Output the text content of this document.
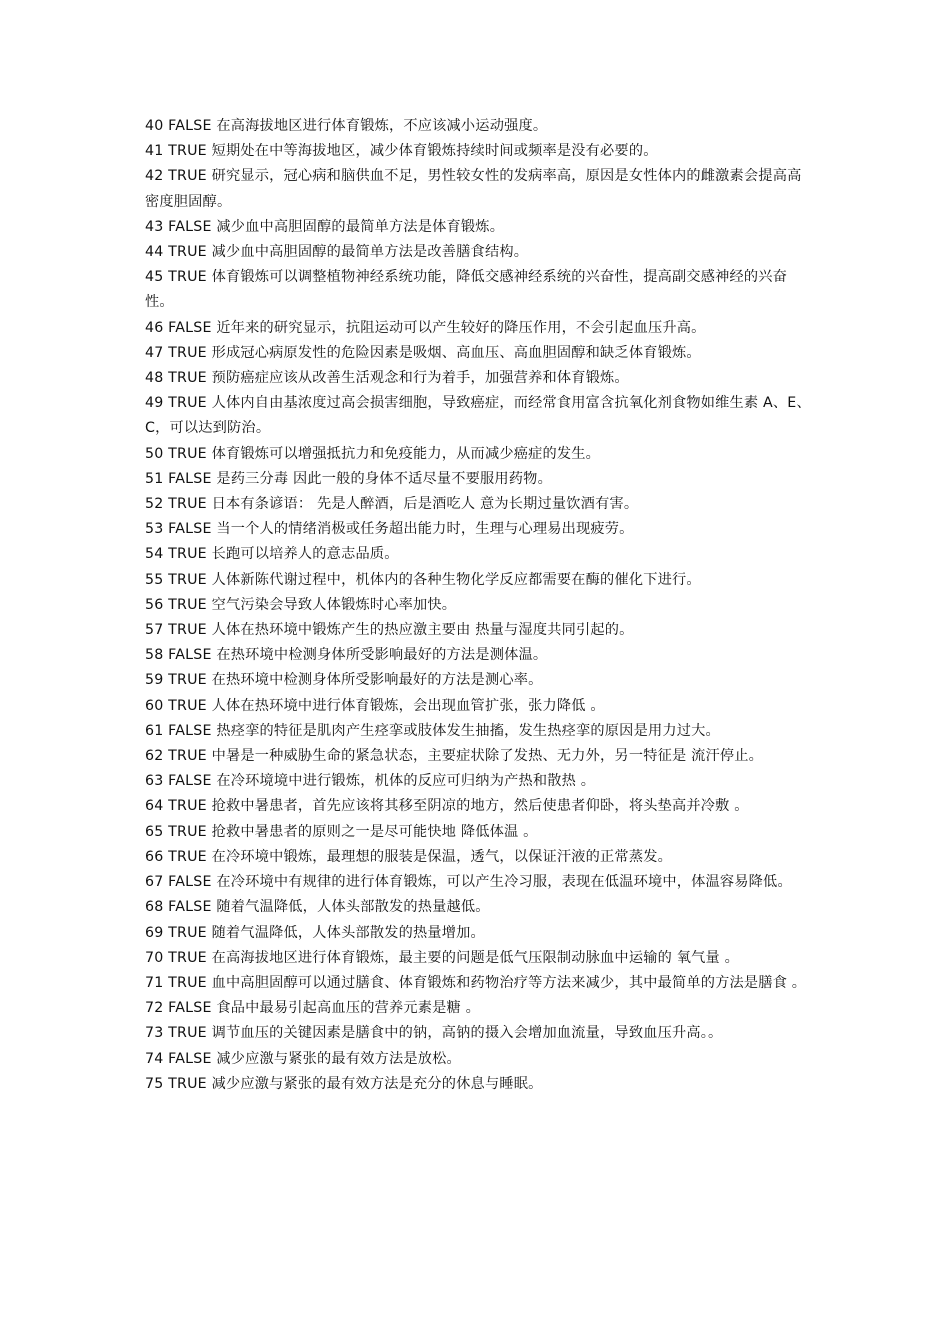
40 FALSE 在高海拔地区进行体育锻炼，不应该减小运动强度。

41 TRUE 短期处在中等海拔地区，减少体育锻炼持续时间或频率是没有必要的。

42 TRUE 研究显示，冠心病和脑供血不足，男性较女性的发病率高，原因是女性体内的雌激素会提高高密度胆固醇。

43 FALSE 减少血中高胆固醇的最简单方法是体育锻炼。

44 TRUE 减少血中高胆固醇的最简单方法是改善膳食结构。

45 TRUE 体育锻炼可以调整植物神经系统功能，降低交感神经系统的兴奋性，提高副交感神经的兴奋性。

46 FALSE 近年来的研究显示，抗阻运动可以产生较好的降压作用，不会引起血压升高。

47 TRUE 形成冠心病原发性的危险因素是吸烟、高血压、高血胆固醇和缺乏体育锻炼。

48 TRUE 预防癌症应该从改善生活观念和行为着手，加强营养和体育锻炼。

49 TRUE 人体内自由基浓度过高会损害细胞，导致癌症，而经常食用富含抗氧化剂食物如维生素 A、E、C，可以达到防治。

50 TRUE 体育锻炼可以增强抵抗力和免疫能力，从而减少癌症的发生。

51 FALSE 是药三分毒 因此一般的身体不适尽量不要服用药物。

52 TRUE 日本有条谚语： 先是人醉酒，后是酒吃人 意为长期过量饮酒有害。

53 FALSE 当一个人的情绪消极或任务超出能力时，生理与心理易出现疲劳。

54 TRUE 长跑可以培养人的意志品质。

55 TRUE 人体新陈代谢过程中，机体内的各种生物化学反应都需要在酶的催化下进行。

56 TRUE 空气污染会导致人体锻炼时心率加快。

57 TRUE 人体在热环境中锻炼产生的热应激主要由 热量与湿度共同引起的。

58 FALSE 在热环境中检测身体所受影响最好的方法是测体温。

59 TRUE 在热环境中检测身体所受影响最好的方法是测心率。

60 TRUE 人体在热环境中进行体育锻炼，会出现血管扩张，张力降低 。

61 FALSE 热痉挛的特征是肌肉产生痉挛或肢体发生抽搐，发生热痉挛的原因是用力过大。

62 TRUE 中暑是一种威胁生命的紧急状态，主要症状除了发热、无力外，另一特征是 流汗停止。

63 FALSE 在冷环境境中进行锻炼，机体的反应可归纳为产热和散热 。

64 TRUE 抢救中暑患者，首先应该将其移至阴凉的地方，然后使患者仰卧，将头垫高并冷敷 。

65 TRUE 抢救中暑患者的原则之一是尽可能快地 降低体温 。

66 TRUE 在冷环境中锻炼，最理想的服装是保温，透气，以保证汗液的正常蒸发。

67 FALSE 在冷环境中有规律的进行体育锻炼，可以产生冷习服，表现在低温环境中，体温容易降低。

68 FALSE 随着气温降低，人体头部散发的热量越低。

69 TRUE 随着气温降低，人体头部散发的热量增加。

70 TRUE 在高海拔地区进行体育锻炼，最主要的问题是低气压限制动脉血中运输的 氧气量 。

71 TRUE 血中高胆固醇可以通过膳食、体育锻炼和药物治疗等方法来减少，其中最简单的方法是膳食 。

72 FALSE 食品中最易引起高血压的营养元素是糖 。

73 TRUE 调节血压的关键因素是膳食中的钠，高钠的摄入会增加血流量，导致血压升高。。

74 FALSE 减少应激与紧张的最有效方法是放松。

75 TRUE 减少应激与紧张的最有效方法是充分的休息与睡眠。
